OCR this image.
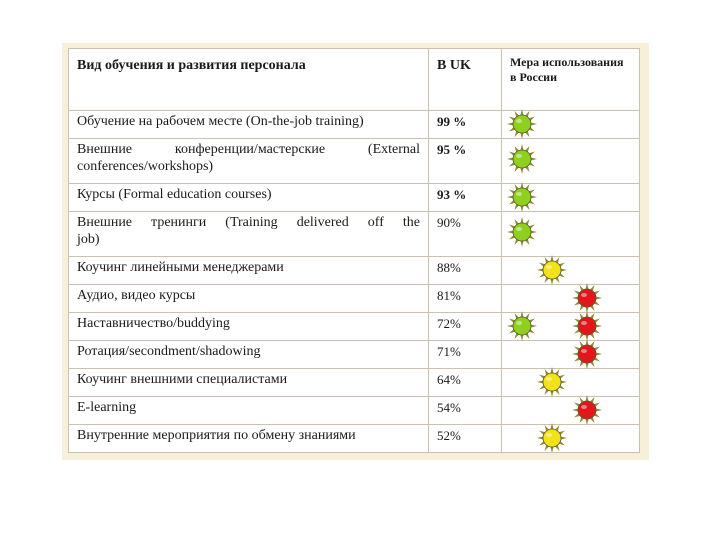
Вид обучения и развития персонала	В UK	Мера использования в России

Обучение на рабочем месте (On-the-job training)	99 %	

Внешние конференции/мастерские (External
conferences/workshops)	95 %	

Курсы (Formal education courses)	93 %	

Внешние тренинги (Training delivered off the
job)	90%	

Коучинг линейными менеджерами	88%	

Аудио, видео курсы	81%	

Наставничество/buddying	72%	

Ротация/secondment/shadowing	71%	

Коучинг внешними специалистами	64%	

E-learning	54%	

Внутренние мероприятия по обмену знаниями	52%	
